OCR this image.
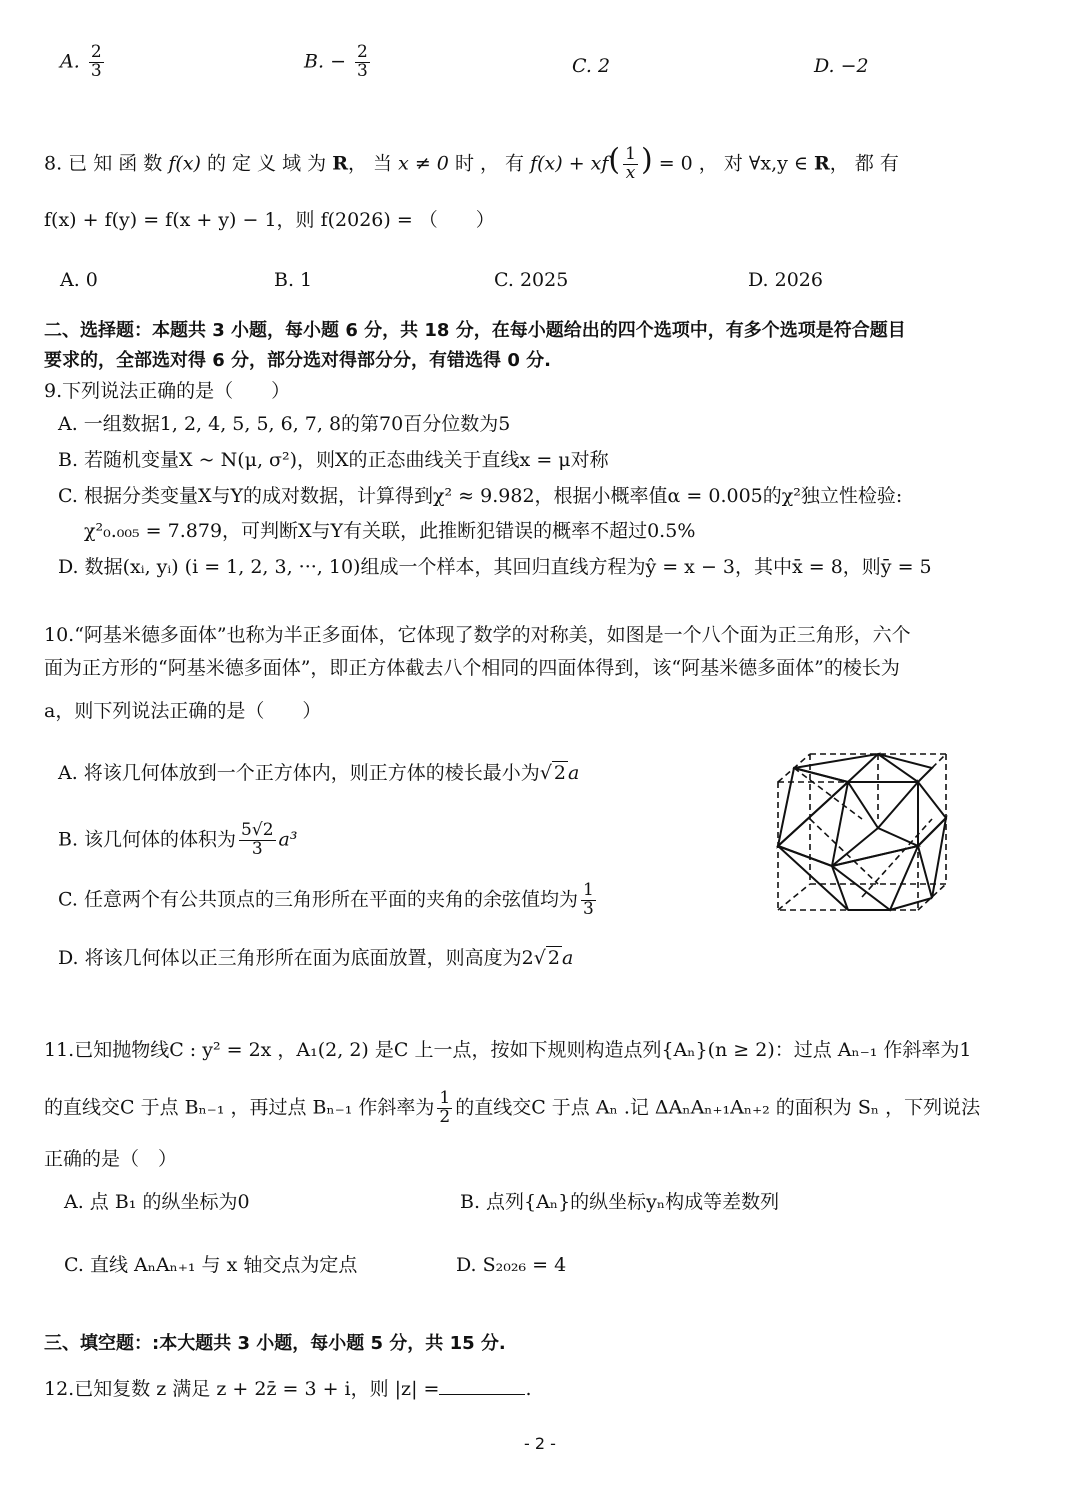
A. $\frac{2}{3}$	B. − $\frac{2}{3}$	C. 2	D. −2
8. 已 知 函 数 f(x) 的 定 义 域 为 R， 当 x ≠ 0 时 ， 有 $f(x) + xf( \frac{1}{x}$ ) = 0 ， 对 ∀x,y ∈ R， 都 有
f(x) + f(y) = f(x + y) − 1，则 f(2026) = （　　）
A. 0	B. 1	C. 2025	D. 2026
二、选择题：本题共 3 小题，每小题 6 分，共 18 分，在每小题给出的四个选项中，有多个选项是符合题目
要求的，全部选对得 6 分，部分选对得部分分，有错选得 0 分.
9.下列说法正确的是（　　）
A. 一组数据1, 2, 4, 5, 5, 6, 7, 8的第70百分位数为5
B. 若随机变量X ~ N(μ, σ²)，则X的正态曲线关于直线x = μ对称
C. 根据分类变量X与Y的成对数据，计算得到χ² ≈ 9.982，根据小概率值α = 0.005的χ²独立性检验:
χ²₀.₀₀₅ = 7.879，可判断X与Y有关联，此推断犯错误的概率不超过0.5%
D. 数据(xᵢ, yᵢ) (i = 1, 2, 3, ···, 10)组成一个样本，其回归直线方程为ŷ = x − 3，其中x̄ = 8，则ȳ = 5
10.“阿基米德多面体”也称为半正多面体，它体现了数学的对称美，如图是一个八个面为正三角形，六个
面为正方形的“阿基米德多面体”，即正方体截去八个相同的四面体得到，该“阿基米德多面体”的棱长为
a，则下列说法正确的是（　　）
A. 将该几何体放到一个正方体内，则正方体的棱长最小为√ 2 a
B. 该几何体的体积为 $\frac{5√2}{3} a^3$
C. 任意两个有公共顶点的三角形所在平面的夹角的余弦值均为 $\frac{1}{3}$
D. 将该几何体以正三角形所在面为底面放置，则高度为2√ 2 a
11.已知抛物线C : y² = 2x ，A₁(2, 2) 是C 上一点，按如下规则构造点列{Aₙ}(n ≥ 2)：过点 Aₙ₋₁ 作斜率为1
的直线交C 于点 Bₙ₋₁ ，再过点 Bₙ₋₁ 作斜率为 $\frac{1}{2}$ 的直线交C 于点 Aₙ .记 ΔAₙAₙ₊₁Aₙ₊₂ 的面积为 Sₙ ，下列说法
正确的是（　）
A. 点 B₁ 的纵坐标为0	B. 点列{Aₙ}的纵坐标yₙ构成等差数列
C. 直线 AₙAₙ₊₁ 与 x 轴交点为定点	D. S₂₀₂₆ = 4
三、填空题：:本大题共 3 小题，每小题 5 分，共 15 分.
12.已知复数 z 满足 z + 2z̄ = 3 + i，则 |z| =	.
- 2 -
